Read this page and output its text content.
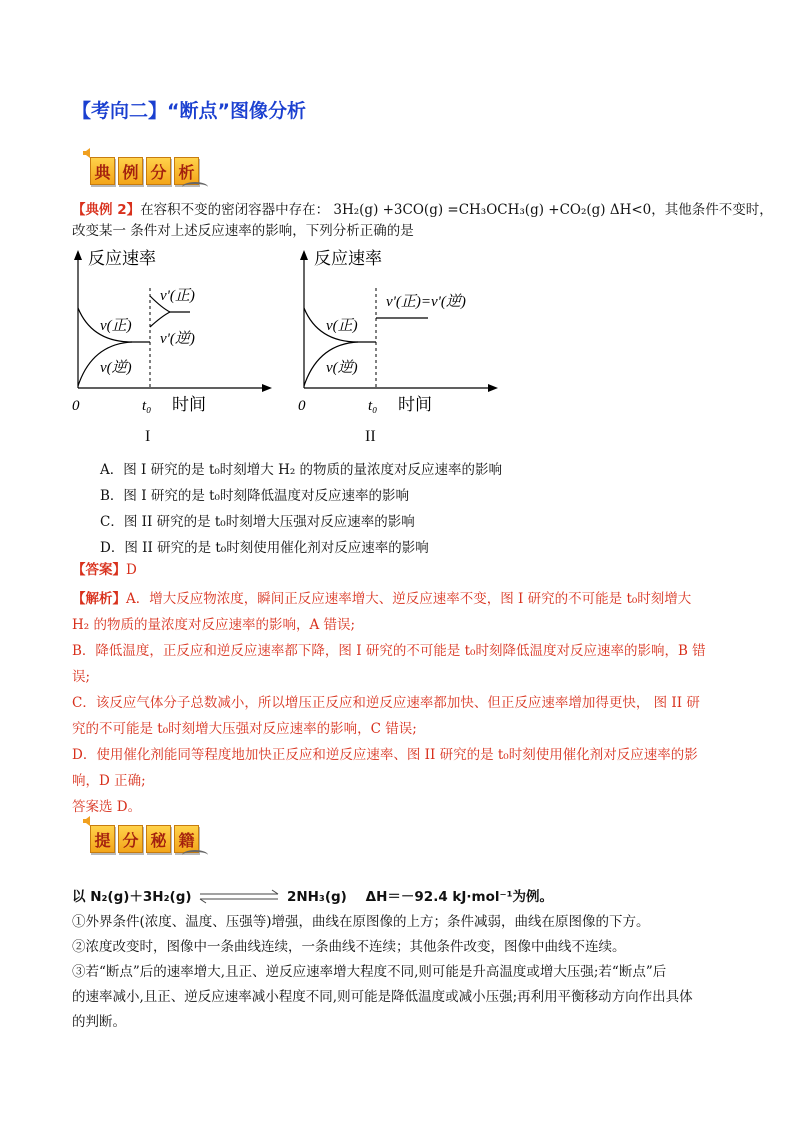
【考向二】“断点”图像分析
典 例 分 析
【典例 2】在容积不变的密闭容器中存在： 3H₂(g) +3CO(g) =CH₃OCH₃(g) +CO₂(g) ΔH<0，其他条件不变时，
改变某一 条件对上述反应速率的影响，下列分析正确的是
反应速率
v(正)
v(逆)
v'(正)
v'(逆)
0	t₀ 时间
I
反应速率
v(正)
v(逆)
v'(正)=v'(逆)
0	t₀ 时间
II
A．图 I 研究的是 t₀时刻增大 H₂ 的物质的量浓度对反应速率的影响
B．图 I 研究的是 t₀时刻降低温度对反应速率的影响
C．图 II 研究的是 t₀时刻增大压强对反应速率的影响
D．图 II 研究的是 t₀时刻使用催化剂对反应速率的影响
【答案】D
【解析】A．增大反应物浓度，瞬间正反应速率增大、逆反应速率不变，图 I 研究的不可能是 t₀时刻增大
H₂ 的物质的量浓度对反应速率的影响，A 错误;
B．降低温度，正反应和逆反应速率都下降，图 I 研究的不可能是 t₀时刻降低温度对反应速率的影响，B 错
误;
C．该反应气体分子总数减小，所以增压正反应和逆反应速率都加快、但正反应速率增加得更快， 图 II 研
究的不可能是 t₀时刻增大压强对反应速率的影响，C 错误;
D．使用催化剂能同等程度地加快正反应和逆反应速率、图 II 研究的是 t₀时刻使用催化剂对反应速率的影
响，D 正确;
答案选 D。
提 分 秘 籍
以 N₂(g)＋3H₂(g)	2NH₃(g) ΔH＝－92.4 kJ·mol⁻¹为例。
①外界条件(浓度、温度、压强等)增强，曲线在原图像的上方；条件减弱，曲线在原图像的下方。
②浓度改变时，图像中一条曲线连续，一条曲线不连续；其他条件改变，图像中曲线不连续。
③若“断点”后的速率增大,且正、逆反应速率增大程度不同,则可能是升高温度或增大压强;若“断点”后
的速率减小,且正、逆反应速率减小程度不同,则可能是降低温度或减小压强;再利用平衡移动方向作出具体
的判断。
